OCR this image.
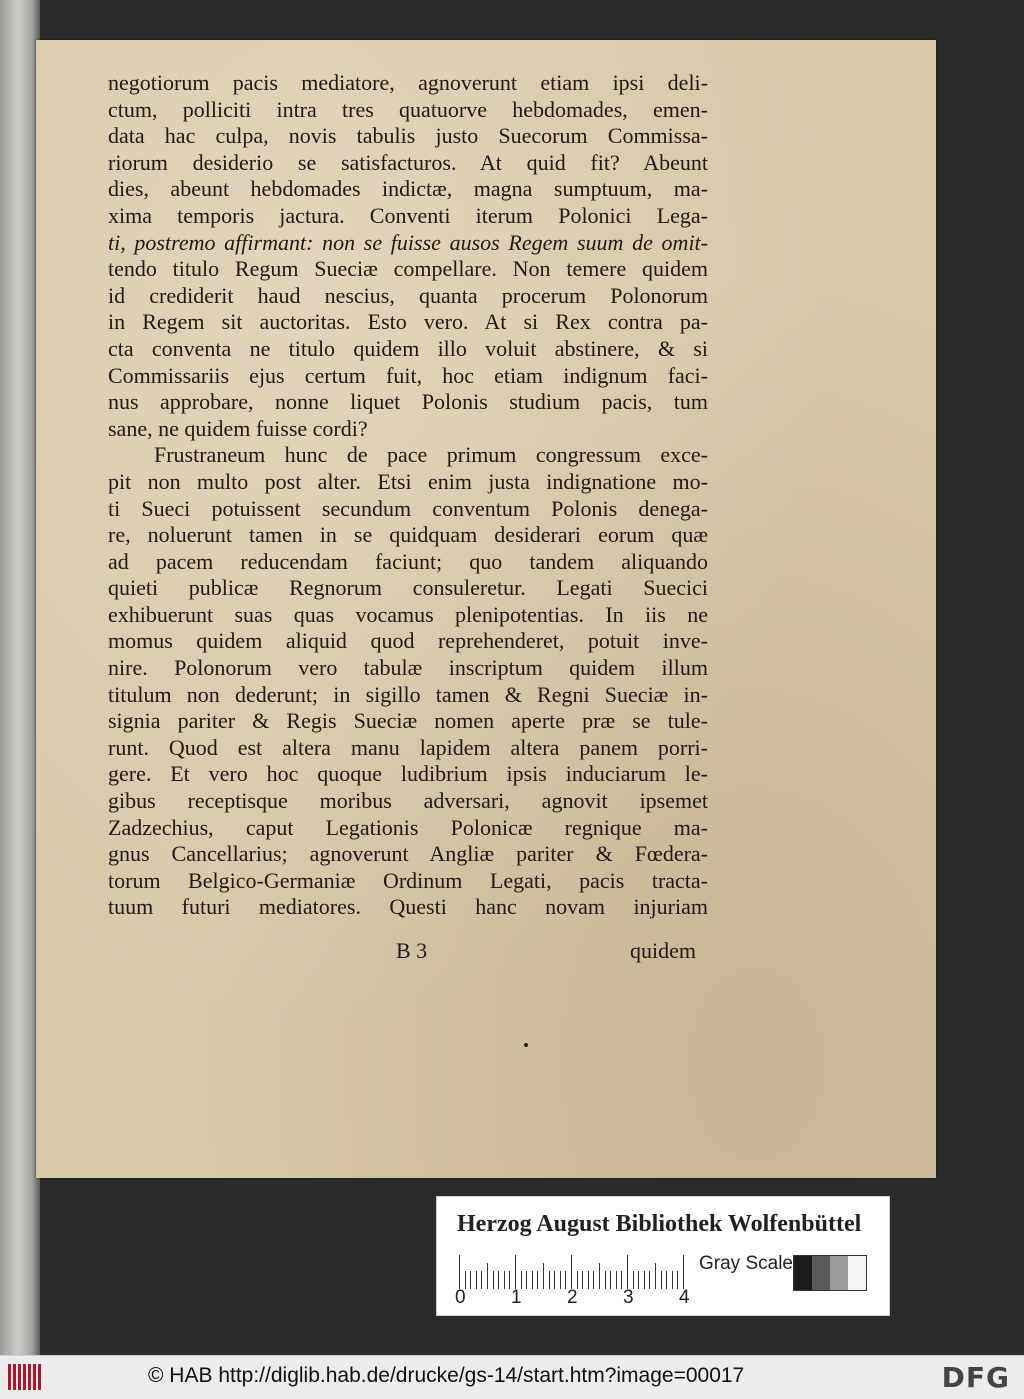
negotiorum pacis mediatore, agnoverunt etiam ipsi deli-
ctum, polliciti intra tres quatuorve hebdomades, emen-
data hac culpa, novis tabulis justo Suecorum Commissa-
riorum desiderio se satisfacturos. At quid fit? Abeunt
dies, abeunt hebdomades indictæ, magna sumptuum, ma-
xima temporis jactura. Conventi iterum Polonici Lega-
ti, postremo affirmant: non se fuisse ausos Regem suum de omit-
tendo titulo Regum Sueciæ compellare. Non temere quidem
id crediderit haud nescius, quanta procerum Polonorum
in Regem sit auctoritas. Esto vero. At si Rex contra pa-
cta conventa ne titulo quidem illo voluit abstinere, & si
Commissariis ejus certum fuit, hoc etiam indignum faci-
nus approbare, nonne liquet Polonis studium pacis, tum
sane, ne quidem fuisse cordi?
Frustraneum hunc de pace primum congressum exce-
pit non multo post alter. Etsi enim justa indignatione mo-
ti Sueci potuissent secundum conventum Polonis denega-
re, noluerunt tamen in se quidquam desiderari eorum quæ
ad pacem reducendam faciunt; quo tandem aliquando
quieti publicæ Regnorum consuleretur. Legati Suecici
exhibuerunt suas quas vocamus plenipotentias. In iis ne
momus quidem aliquid quod reprehenderet, potuit inve-
nire. Polonorum vero tabulæ inscriptum quidem illum
titulum non dederunt; in sigillo tamen & Regni Sueciæ in-
signia pariter & Regis Sueciæ nomen aperte præ se tule-
runt. Quod est altera manu lapidem altera panem porri-
gere. Et vero hoc quoque ludibrium ipsis induciarum le-
gibus receptisque moribus adversari, agnovit ipsemet
Zadzechius, caput Legationis Polonicæ regnique ma-
gnus Cancellarius; agnoverunt Angliæ pariter & Fœdera-
torum Belgico-Germaniæ Ordinum Legati, pacis tracta-
tuum futuri mediatores. Questi hanc novam injuriam
B 3	quidem
Herzog August Bibliothek Wolfenbüttel
0 1 2 3 4
Gray Scale
© HAB http://diglib.hab.de/drucke/gs-14/start.htm?image=00017	DFG
